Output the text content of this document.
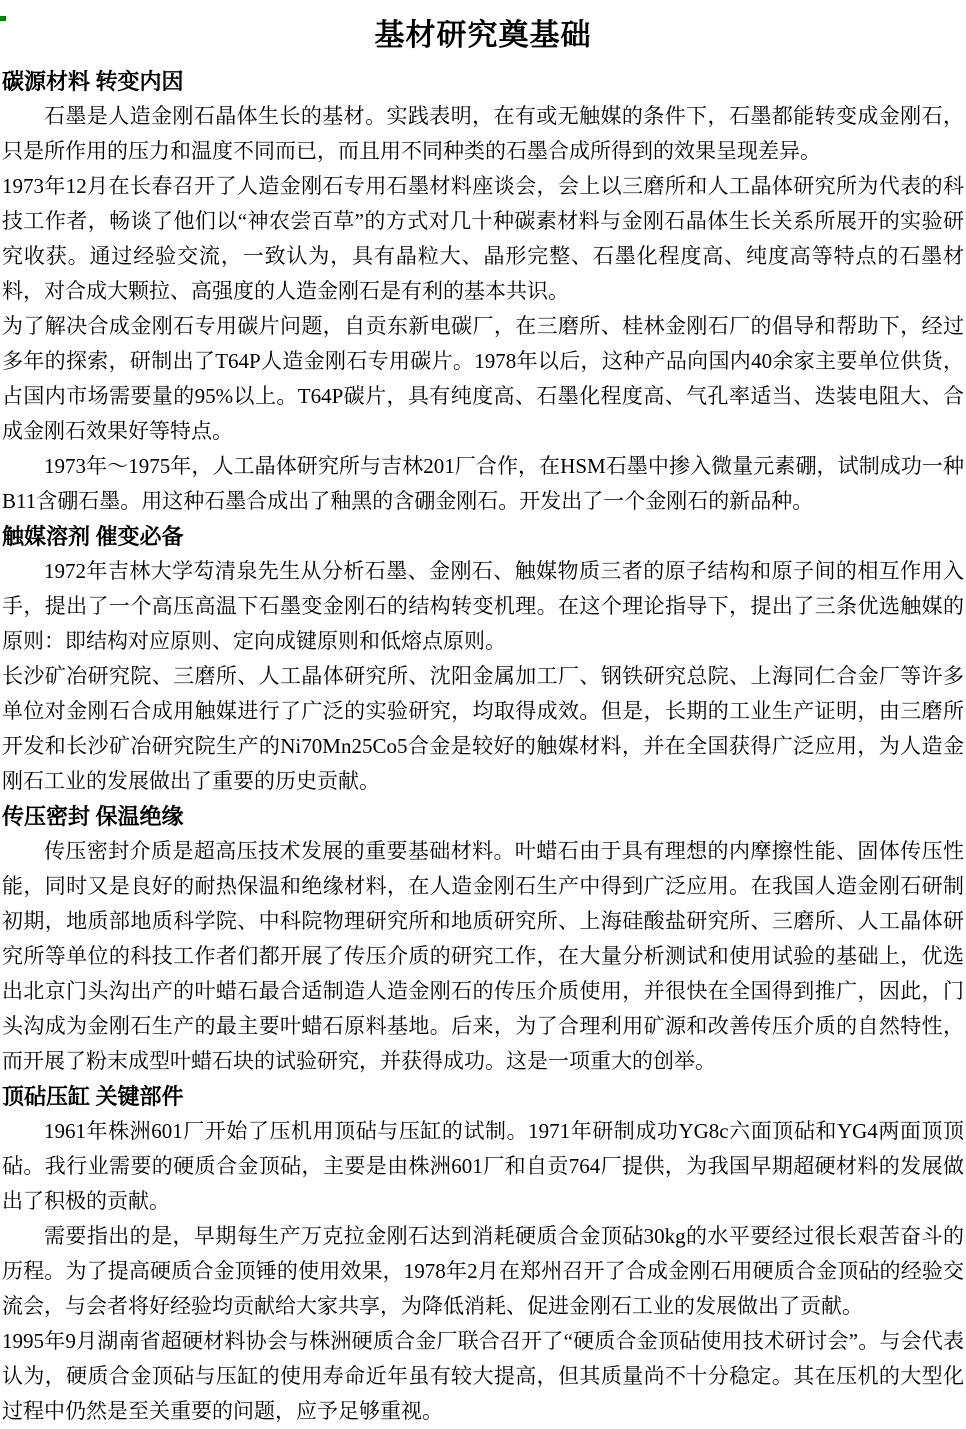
基材研究奠基础
碳源材料 转变内因

石墨是人造金刚石晶体生长的基材。实践表明，在有或无触媒的条件下，石墨都能转变成金刚石，只是所作用的压力和温度不同而已，而且用不同种类的石墨合成所得到的效果呈现差异。

1973年12月在长春召开了人造金刚石专用石墨材料座谈会，会上以三磨所和人工晶体研究所为代表的科技工作者，畅谈了他们以“神农尝百草”的方式对几十种碳素材料与金刚石晶体生长关系所展开的实验研究收获。通过经验交流，一致认为，具有晶粒大、晶形完整、石墨化程度高、纯度高等特点的石墨材料，对合成大颗拉、高强度的人造金刚石是有利的基本共识。

为了解决合成金刚石专用碳片问题，自贡东新电碳厂，在三磨所、桂林金刚石厂的倡导和帮助下，经过多年的探索，研制出了T64P人造金刚石专用碳片。1978年以后，这种产品向国内40余家主要单位供货，占国内市场需要量的95%以上。T64P碳片，具有纯度高、石墨化程度高、气孔率适当、迭装电阻大、合成金刚石效果好等特点。

1973年～1975年，人工晶体研究所与吉林201厂合作，在HSM石墨中掺入微量元素硼，试制成功一种B11含硼石墨。用这种石墨合成出了釉黑的含硼金刚石。开发出了一个金刚石的新品种。

触媒溶剂 催变必备

1972年吉林大学芶清泉先生从分析石墨、金刚石、触媒物质三者的原子结构和原子间的相互作用入手，提出了一个高压高温下石墨变金刚石的结构转变机理。在这个理论指导下，提出了三条优选触媒的原则：即结构对应原则、定向成键原则和低熔点原则。

长沙矿冶研究院、三磨所、人工晶体研究所、沈阳金属加工厂、钢铁研究总院、上海同仁合金厂等许多单位对金刚石合成用触媒进行了广泛的实验研究，均取得成效。但是，长期的工业生产证明，由三磨所开发和长沙矿冶研究院生产的Ni70Mn25Co5合金是较好的触媒材料，并在全国获得广泛应用，为人造金刚石工业的发展做出了重要的历史贡献。

传压密封 保温绝缘

传压密封介质是超高压技术发展的重要基础材料。叶蜡石由于具有理想的内摩擦性能、固体传压性能，同时又是良好的耐热保温和绝缘材料，在人造金刚石生产中得到广泛应用。在我国人造金刚石研制初期，地质部地质科学院、中科院物理研究所和地质研究所、上海硅酸盐研究所、三磨所、人工晶体研究所等单位的科技工作者们都开展了传压介质的研究工作，在大量分析测试和使用试验的基础上，优选出北京门头沟出产的叶蜡石最合适制造人造金刚石的传压介质使用，并很快在全国得到推广，因此，门头沟成为金刚石生产的最主要叶蜡石原料基地。后来，为了合理利用矿源和改善传压介质的自然特性，而开展了粉末成型叶蜡石块的试验研究，并获得成功。这是一项重大的创举。

顶砧压缸 关键部件

1961年株洲601厂开始了压机用顶砧与压缸的试制。1971年研制成功YG8c六面顶砧和YG4两面顶顶砧。我行业需要的硬质合金顶砧，主要是由株洲601厂和自贡764厂提供，为我国早期超硬材料的发展做出了积极的贡献。

需要指出的是，早期每生产万克拉金刚石达到消耗硬质合金顶砧30kg的水平要经过很长艰苦奋斗的历程。为了提高硬质合金顶锤的使用效果，1978年2月在郑州召开了合成金刚石用硬质合金顶砧的经验交流会，与会者将好经验均贡献给大家共享，为降低消耗、促进金刚石工业的发展做出了贡献。

1995年9月湖南省超硬材料协会与株洲硬质合金厂联合召开了“硬质合金顶砧使用技术研讨会”。与会代表认为，硬质合金顶砧与压缸的使用寿命近年虽有较大提高，但其质量尚不十分稳定。其在压机的大型化过程中仍然是至关重要的问题，应予足够重视。
